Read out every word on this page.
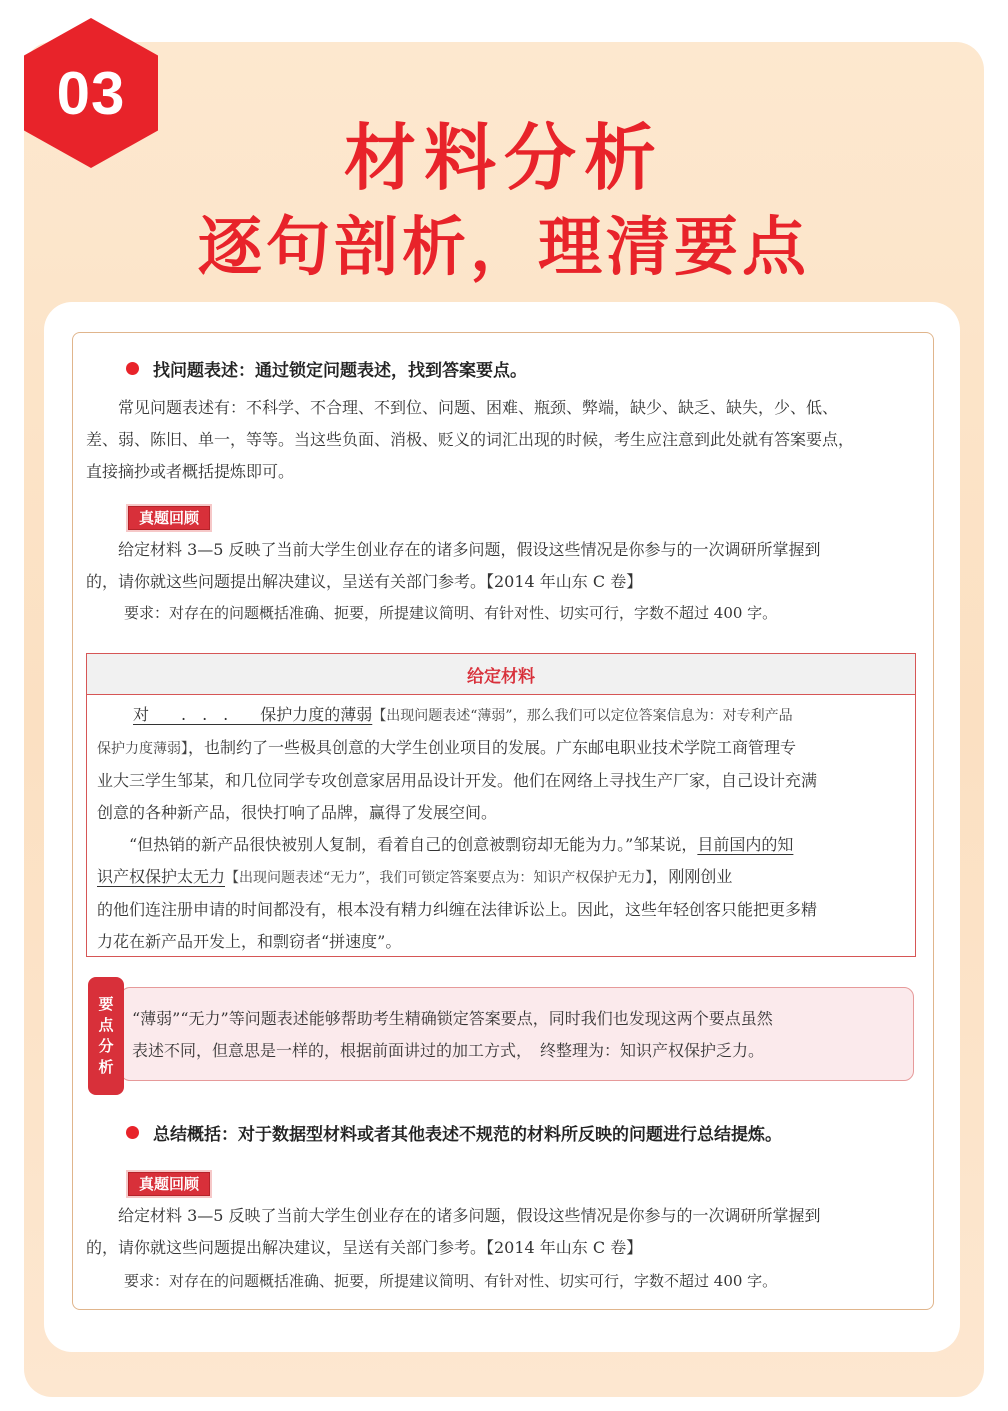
03
材料分析
逐句剖析，理清要点
找问题表述：通过锁定问题表述，找到答案要点。
常见问题表述有：不科学、不合理、不到位、问题、困难、瓶颈、弊端，缺少、缺乏、缺失，少、低、
差、弱、陈旧、单一，等等。当这些负面、消极、贬义的词汇出现的时候，考生应注意到此处就有答案要点，
直接摘抄或者概括提炼即可。
真题回顾
给定材料 3—5 反映了当前大学生创业存在的诸多问题，假设这些情况是你参与的一次调研所掌握到
的，请你就这些问题提出解决建议，呈送有关部门参考。【2014 年山东 C 卷】
要求：对存在的问题概括准确、扼要，所提建议简明、有针对性、切实可行，字数不超过 400 字。
给定材料
对　　.　.　.　　保护力度的薄弱【出现问题表述“薄弱”，那么我们可以定位答案信息为：对专利产品
保护力度薄弱】，也制约了一些极具创意的大学生创业项目的发展。广东邮电职业技术学院工商管理专
业大三学生邹某，和几位同学专攻创意家居用品设计开发。他们在网络上寻找生产厂家，自己设计充满
创意的各种新产品，很快打响了品牌，赢得了发展空间。
“但热销的新产品很快被别人复制，看着自己的创意被剽窃却无能为力。”邹某说，目前国内的知
识产权保护太无力【出现问题表述“无力”，我们可锁定答案要点为：知识产权保护无力】，刚刚创业
的他们连注册申请的时间都没有，根本没有精力纠缠在法律诉讼上。因此，这些年轻创客只能把更多精
力花在新产品开发上，和剽窃者“拼速度”。
“薄弱”“无力”等问题表述能够帮助考生精确锁定答案要点，同时我们也发现这两个要点虽然
表述不同，但意思是一样的，根据前面讲过的加工方式，　终整理为：知识产权保护乏力。
要
点
分
析
总结概括：对于数据型材料或者其他表述不规范的材料所反映的问题进行总结提炼。
真题回顾
给定材料 3—5 反映了当前大学生创业存在的诸多问题，假设这些情况是你参与的一次调研所掌握到
的，请你就这些问题提出解决建议，呈送有关部门参考。【2014 年山东 C 卷】
要求：对存在的问题概括准确、扼要，所提建议简明、有针对性、切实可行，字数不超过 400 字。
